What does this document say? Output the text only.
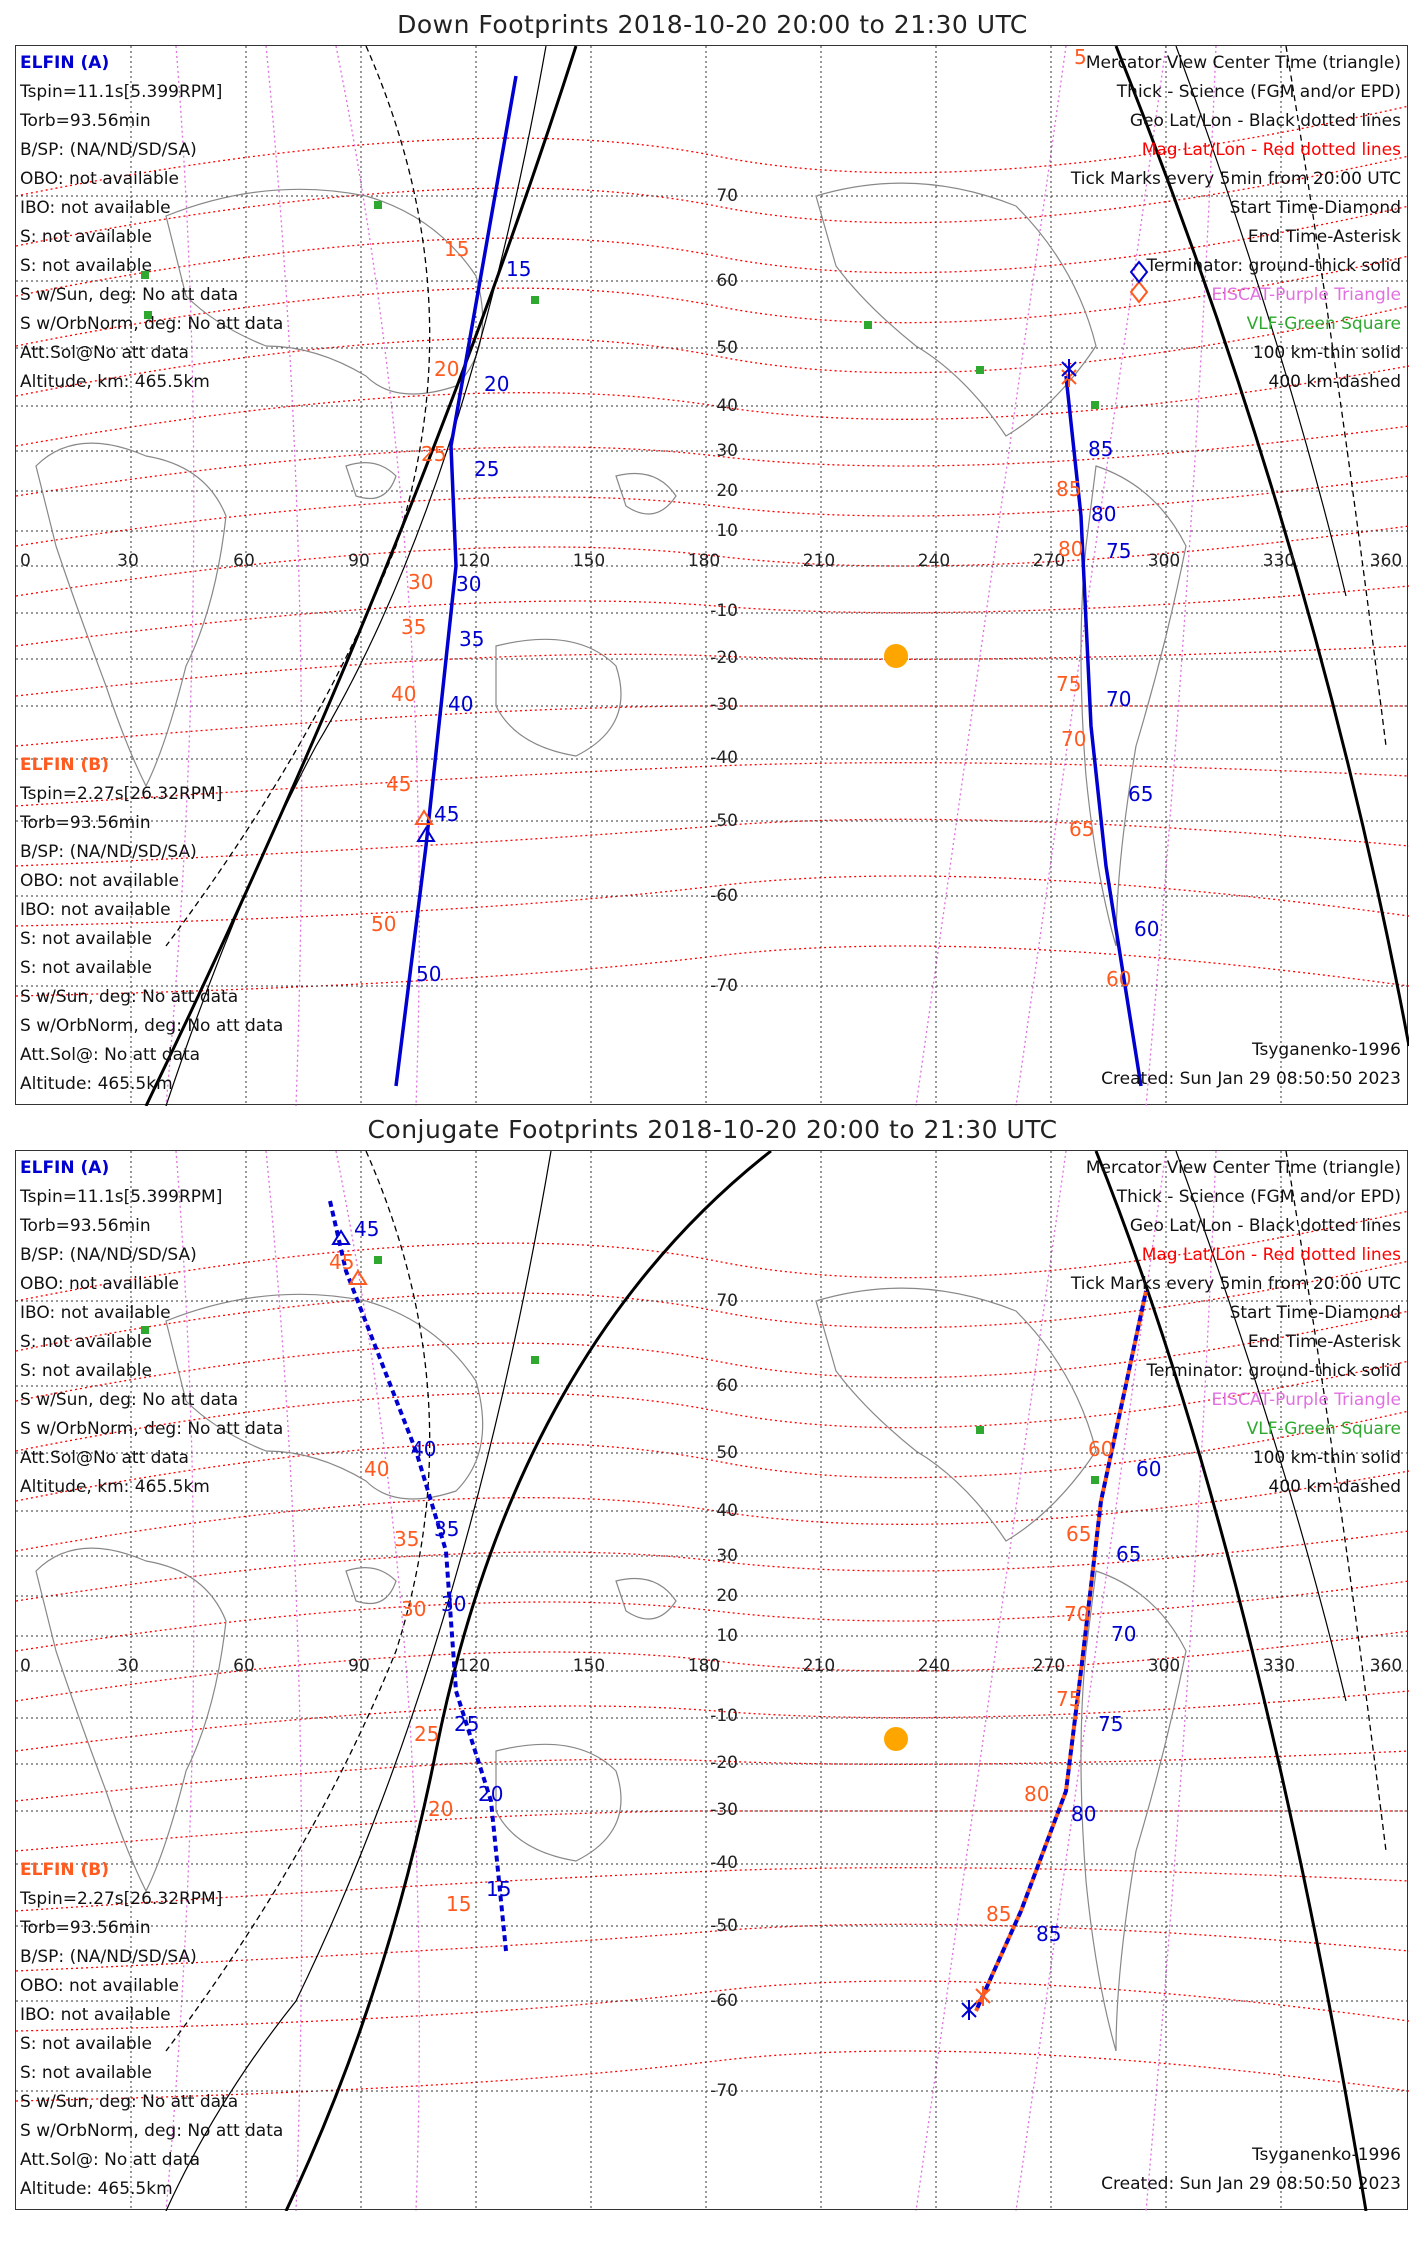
Down Footprints 2018-10-20 20:00 to 21:30 UTC
0	30	60	90	120	150	180	210	240	270	300	330	360
70
60
50
40
30
20
10
-10
-20
-30
-40
-50
-60
-70
15
20
25
30
35
40
45
50
15
20
25
30
35
40
45
50
85
80
75
70
65
60
5
85
80
75
70
65
60
ELFIN (A)
Tspin=11.1s[5.399RPM]
Torb=93.56min
B/SP: (NA/ND/SD/SA)
OBO: not available
IBO: not available
S: not available
S: not available
S w/Sun, deg: No att data
S w/OrbNorm, deg: No att data
Att.Sol@No att data
Altitude, km: 465.5km
ELFIN (B)
Tspin=2.27s[26.32RPM]
Torb=93.56min
B/SP: (NA/ND/SD/SA)
OBO: not available
IBO: not available
S: not available
S: not available
S w/Sun, deg: No att data
S w/OrbNorm, deg: No att data
Att.Sol@: No att data
Altitude: 465.5km
Mercator View Center Time (triangle)
Thick - Science (FGM and/or EPD)
Geo Lat/Lon - Black dotted lines
Mag Lat/Lon - Red dotted lines
Tick Marks every 5min from 20:00 UTC
Start Time-Diamond
End Time-Asterisk
Terminator: ground-thick solid
EISCAT-Purple Triangle
VLF-Green Square
100 km-thin solid
400 km-dashed
Tsyganenko-1996
Created: Sun Jan 29 08:50:50 2023
Conjugate Footprints 2018-10-20 20:00 to 21:30 UTC
0	30	60	90	120	150	180	210	240	270	300	330	360
70
60
50
40
30
20
10
-10
-20
-30
-40
-50
-60
-70
45
40
35
30
25
20
15
45
40
35
30
25
20
15
60
65
70
75
80
85
60
65
70
75
80
85
ELFIN (A)
Tspin=11.1s[5.399RPM]
Torb=93.56min
B/SP: (NA/ND/SD/SA)
OBO: not available
IBO: not available
S: not available
S: not available
S w/Sun, deg: No att data
S w/OrbNorm, deg: No att data
Att.Sol@No att data
Altitude, km: 465.5km
ELFIN (B)
Tspin=2.27s[26.32RPM]
Torb=93.56min
B/SP: (NA/ND/SD/SA)
OBO: not available
IBO: not available
S: not available
S: not available
S w/Sun, deg: No att data
S w/OrbNorm, deg: No att data
Att.Sol@: No att data
Altitude: 465.5km
Mercator View Center Time (triangle)
Thick - Science (FGM and/or EPD)
Geo Lat/Lon - Black dotted lines
Mag Lat/Lon - Red dotted lines
Tick Marks every 5min from 20:00 UTC
Start Time-Diamond
End Time-Asterisk
Terminator: ground-thick solid
EISCAT-Purple Triangle
VLF-Green Square
100 km-thin solid
400 km-dashed
Tsyganenko-1996
Created: Sun Jan 29 08:50:50 2023
